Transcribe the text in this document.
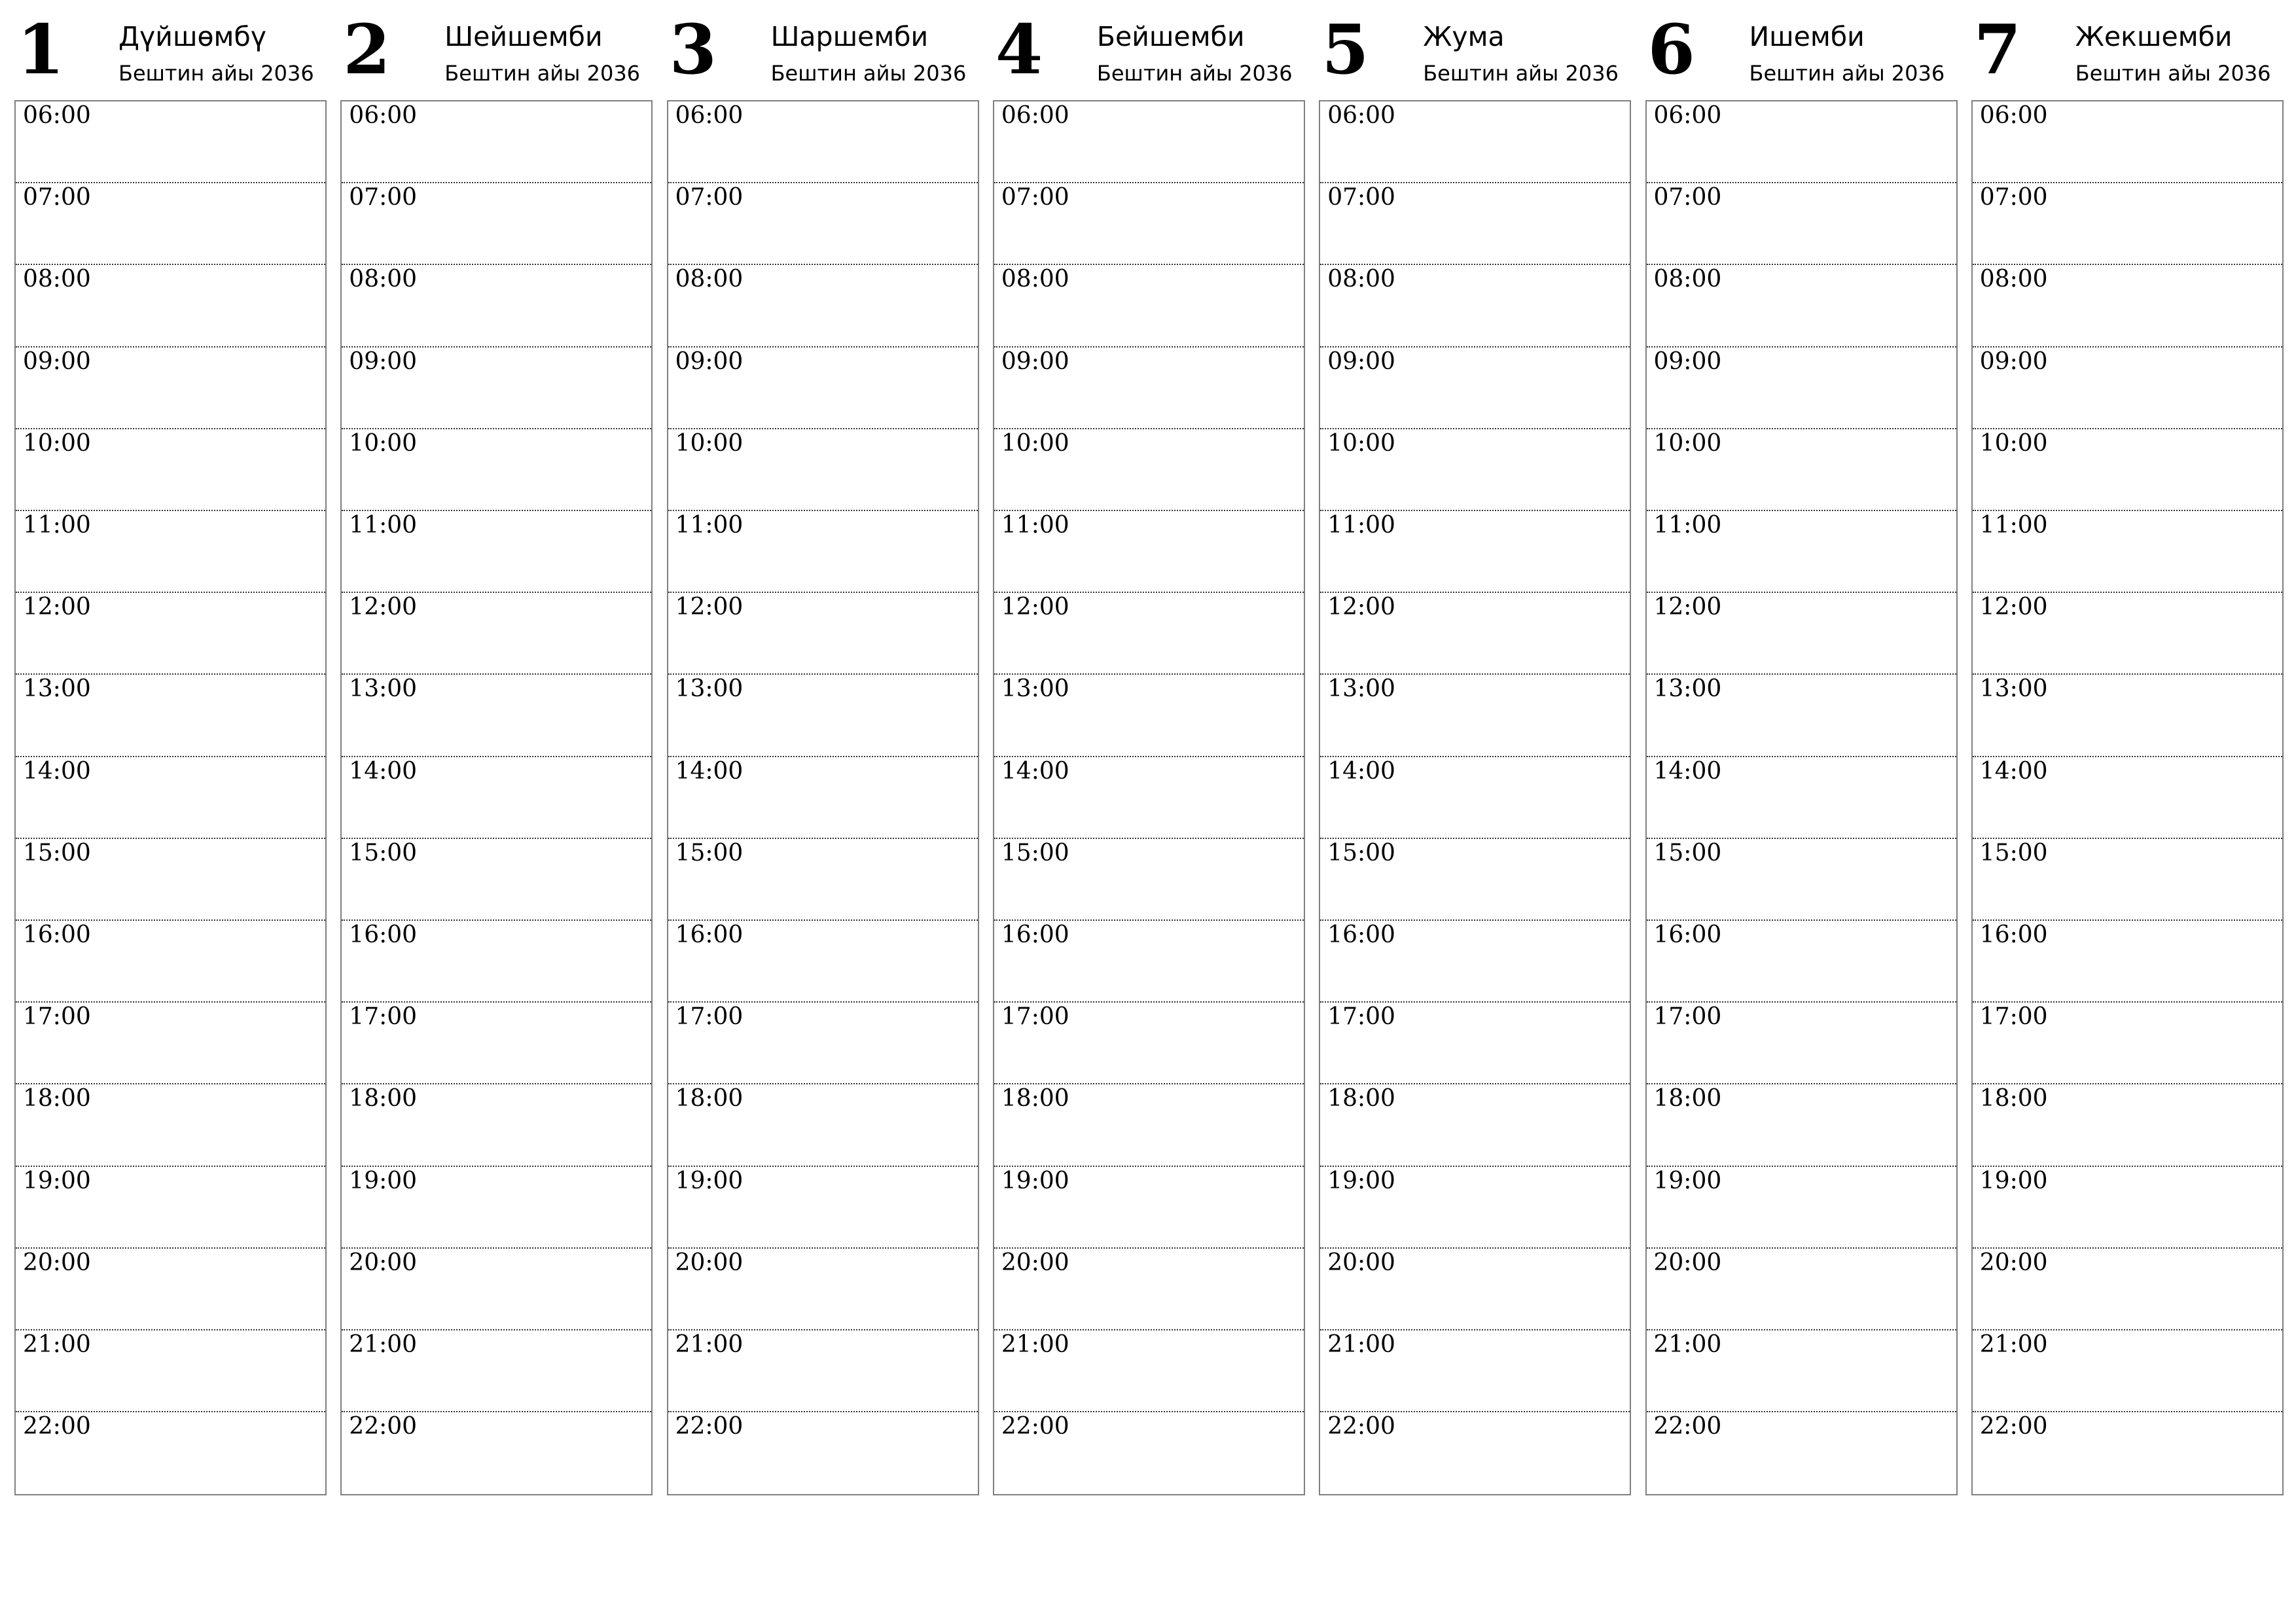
1 Дүйшөмбү
Бештин айы 2036
06:00
07:00
08:00
09:00
10:00
11:00
12:00
13:00
14:00
15:00
16:00
17:00
18:00
19:00
20:00
21:00
22:00
2 Шейшемби
Бештин айы 2036
06:00
07:00
08:00
09:00
10:00
11:00
12:00
13:00
14:00
15:00
16:00
17:00
18:00
19:00
20:00
21:00
22:00
3 Шаршемби
Бештин айы 2036
06:00
07:00
08:00
09:00
10:00
11:00
12:00
13:00
14:00
15:00
16:00
17:00
18:00
19:00
20:00
21:00
22:00
4 Бейшемби
Бештин айы 2036
06:00
07:00
08:00
09:00
10:00
11:00
12:00
13:00
14:00
15:00
16:00
17:00
18:00
19:00
20:00
21:00
22:00
5 Жума
Бештин айы 2036
06:00
07:00
08:00
09:00
10:00
11:00
12:00
13:00
14:00
15:00
16:00
17:00
18:00
19:00
20:00
21:00
22:00
6 Ишемби
Бештин айы 2036
06:00
07:00
08:00
09:00
10:00
11:00
12:00
13:00
14:00
15:00
16:00
17:00
18:00
19:00
20:00
21:00
22:00
7 Жекшемби
Бештин айы 2036
06:00
07:00
08:00
09:00
10:00
11:00
12:00
13:00
14:00
15:00
16:00
17:00
18:00
19:00
20:00
21:00
22:00
